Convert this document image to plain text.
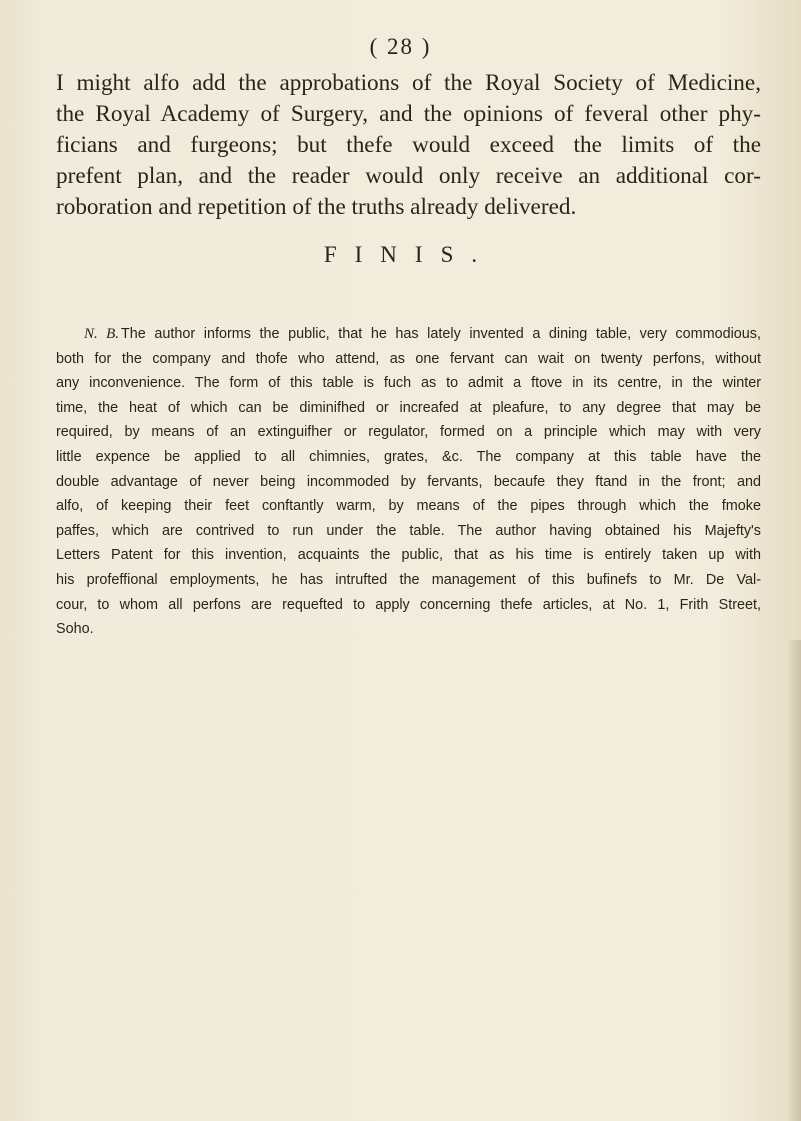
( 28 )
I might alfo add the approbations of the Royal Society of Medicine,
the Royal Academy of Surgery, and the opinions of feveral other phy-
ficians and furgeons; but thefe would exceed the limits of the
prefent plan, and the reader would only receive an additional cor-
roboration and repetition of the truths already delivered.
FINIS.
N. B. The author informs the public, that he has lately invented a dining table, very commodious,
both for the company and thofe who attend, as one fervant can wait on twenty perfons, without
any inconvenience. The form of this table is fuch as to admit a ftove in its centre, in the winter
time, the heat of which can be diminifhed or increafed at pleafure, to any degree that may be
required, by means of an extinguifher or regulator, formed on a principle which may with very
little expence be applied to all chimnies, grates, &c. The company at this table have the
double advantage of never being incommoded by fervants, becaufe they ftand in the front; and
alfo, of keeping their feet conftantly warm, by means of the pipes through which the fmoke
paffes, which are contrived to run under the table. The author having obtained his Majefty's
Letters Patent for this invention, acquaints the public, that as his time is entirely taken up with
his profeffional employments, he has intrufted the management of this bufinefs to Mr. De Val-
cour, to whom all perfons are requefted to apply concerning thefe articles, at No. 1, Frith Street,
Soho.
